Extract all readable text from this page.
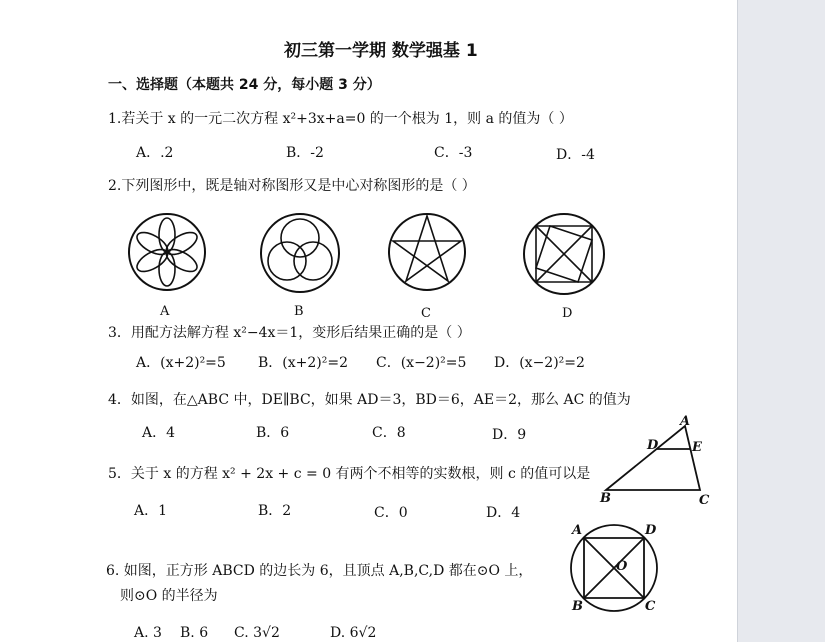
初三第一学期 数学强基 1
一、选择题（本题共 24 分，每小题 3 分）
1.若关于 x 的一元二次方程 x²+3x+a=0 的一个根为 1，则 a 的值为（ ）
A．.2	B．-2	C．-3	D．-4
2.下列图形中，既是轴对称图形又是中心对称图形的是（ ）
A	B	C	D
3．用配方法解方程 x²−4x＝1，变形后结果正确的是（ ）
A．(x+2)²=5 B．(x+2)²=2 C．(x−2)²=5 D．(x−2)²=2
4．如图，在△ABC 中，DE∥BC，如果 AD＝3，BD＝6，AE＝2，那么 AC 的值为
A．4	B．6	C．8	D．9
A
D	E
B	C
5．关于 x 的方程 x² + 2x + c = 0 有两个不相等的实数根，则 c 的值可以是
A．1	B．2	C．0	D．4
6. 如图，正方形 ABCD 的边长为 6，且顶点 A,B,C,D 都在⊙O 上，
则⊙O 的半径为
A. 3 B. 6 C. 3√2	D. 6√2
A	D
O
B	C
